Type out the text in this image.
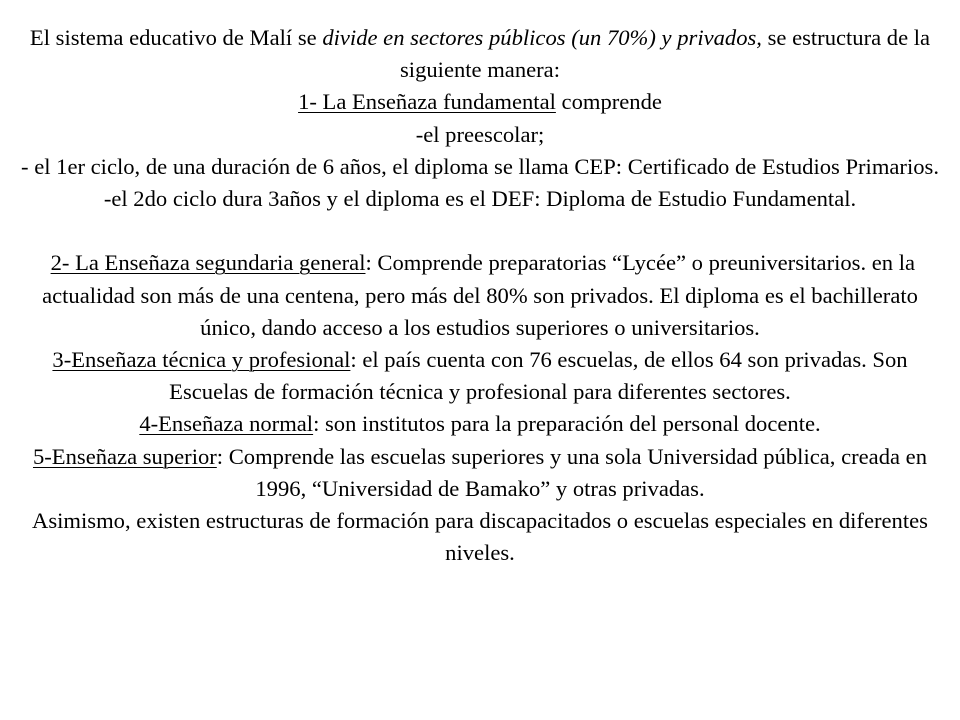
El sistema educativo de Malí se divide en sectores públicos (un 70%) y privados, se estructura de la siguiente manera:

1- La Enseñaza fundamental comprende

-el preescolar;

- el 1er ciclo, de una duración de 6 años, el diploma se llama CEP: Certificado de Estudios Primarios.

-el 2do ciclo dura 3años y el diploma es el DEF: Diploma de Estudio Fundamental.

2- La Enseñaza segundaria general: Comprende preparatorias “Lycée” o preuniversitarios. en la actualidad son más de una centena, pero más del 80% son privados. El diploma es el bachillerato único, dando acceso a los estudios superiores o universitarios.

3-Enseñaza técnica y profesional: el país cuenta con 76 escuelas, de ellos 64 son privadas. Son Escuelas de formación técnica y profesional para diferentes sectores.

4-Enseñaza normal: son institutos para la preparación del personal docente.

5-Enseñaza superior: Comprende las escuelas superiores y una sola Universidad pública, creada en 1996, “Universidad de Bamako” y otras privadas.

Asimismo, existen estructuras de formación para discapacitados o escuelas especiales en diferentes niveles.
